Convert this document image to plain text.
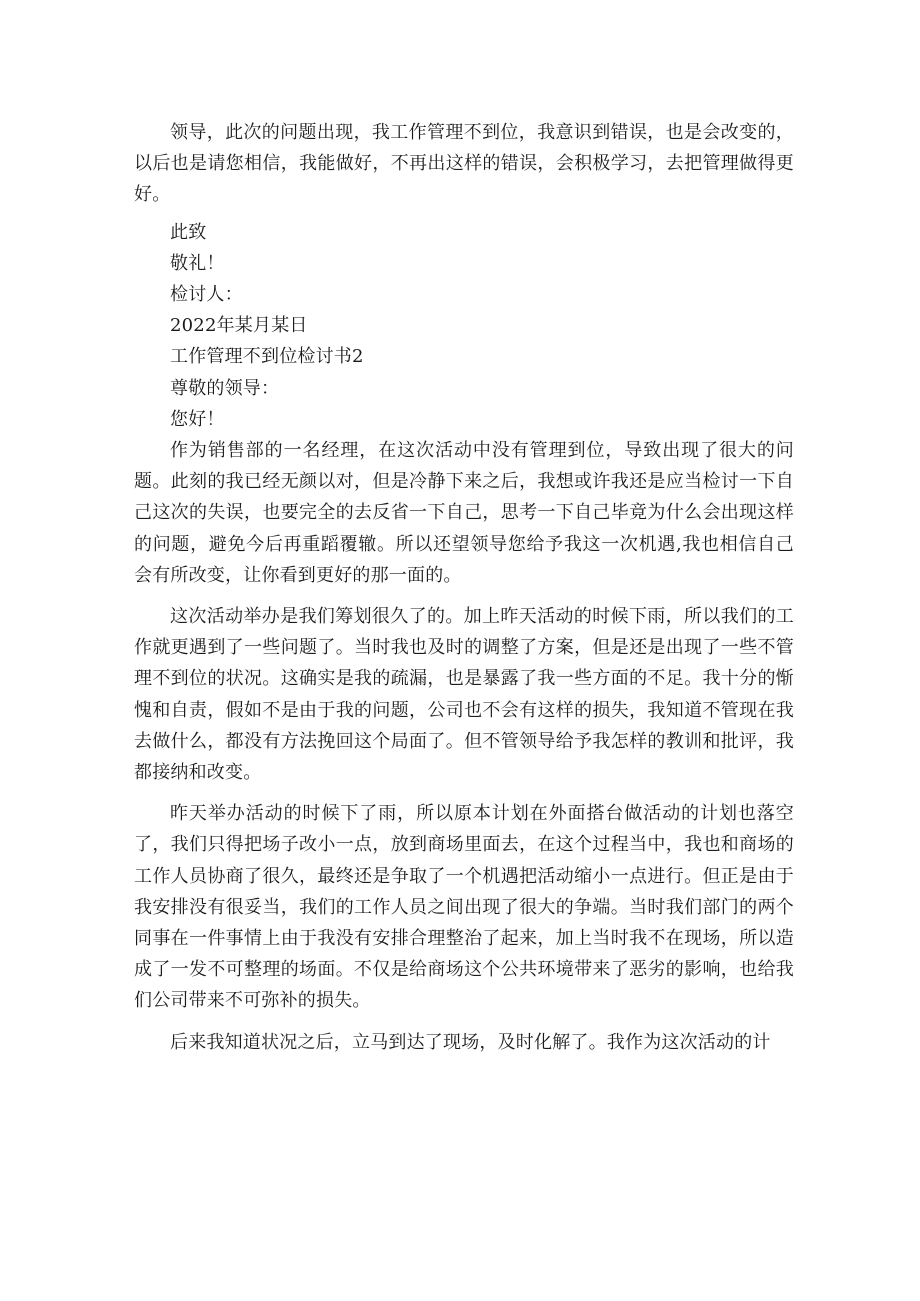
领导，此次的问题出现，我工作管理不到位，我意识到错误，也是会改变的，以后也是请您相信，我能做好，不再出这样的错误，会积极学习，去把管理做得更好。

此致

敬礼！

检讨人：

2022年某月某日

工作管理不到位检讨书2

尊敬的领导：

您好！

作为销售部的一名经理，在这次活动中没有管理到位，导致出现了很大的问题。此刻的我已经无颜以对，但是冷静下来之后，我想或许我还是应当检讨一下自己这次的失误，也要完全的去反省一下自己，思考一下自己毕竟为什么会出现这样的问题，避免今后再重蹈覆辙。所以还望领导您给予我这一次机遇,我也相信自己会有所改变，让你看到更好的那一面的。

这次活动举办是我们筹划很久了的。加上昨天活动的时候下雨，所以我们的工作就更遇到了一些问题了。当时我也及时的调整了方案，但是还是出现了一些不管理不到位的状况。这确实是我的疏漏，也是暴露了我一些方面的不足。我十分的惭愧和自责，假如不是由于我的问题，公司也不会有这样的损失，我知道不管现在我去做什么，都没有方法挽回这个局面了。但不管领导给予我怎样的教训和批评，我都接纳和改变。

昨天举办活动的时候下了雨，所以原本计划在外面搭台做活动的计划也落空了，我们只得把场子改小一点，放到商场里面去，在这个过程当中，我也和商场的工作人员协商了很久，最终还是争取了一个机遇把活动缩小一点进行。但正是由于我安排没有很妥当，我们的工作人员之间出现了很大的争端。当时我们部门的两个同事在一件事情上由于我没有安排合理整治了起来，加上当时我不在现场，所以造成了一发不可整理的场面。不仅是给商场这个公共环境带来了恶劣的影响，也给我们公司带来不可弥补的损失。

后来我知道状况之后，立马到达了现场，及时化解了。我作为这次活动的计
